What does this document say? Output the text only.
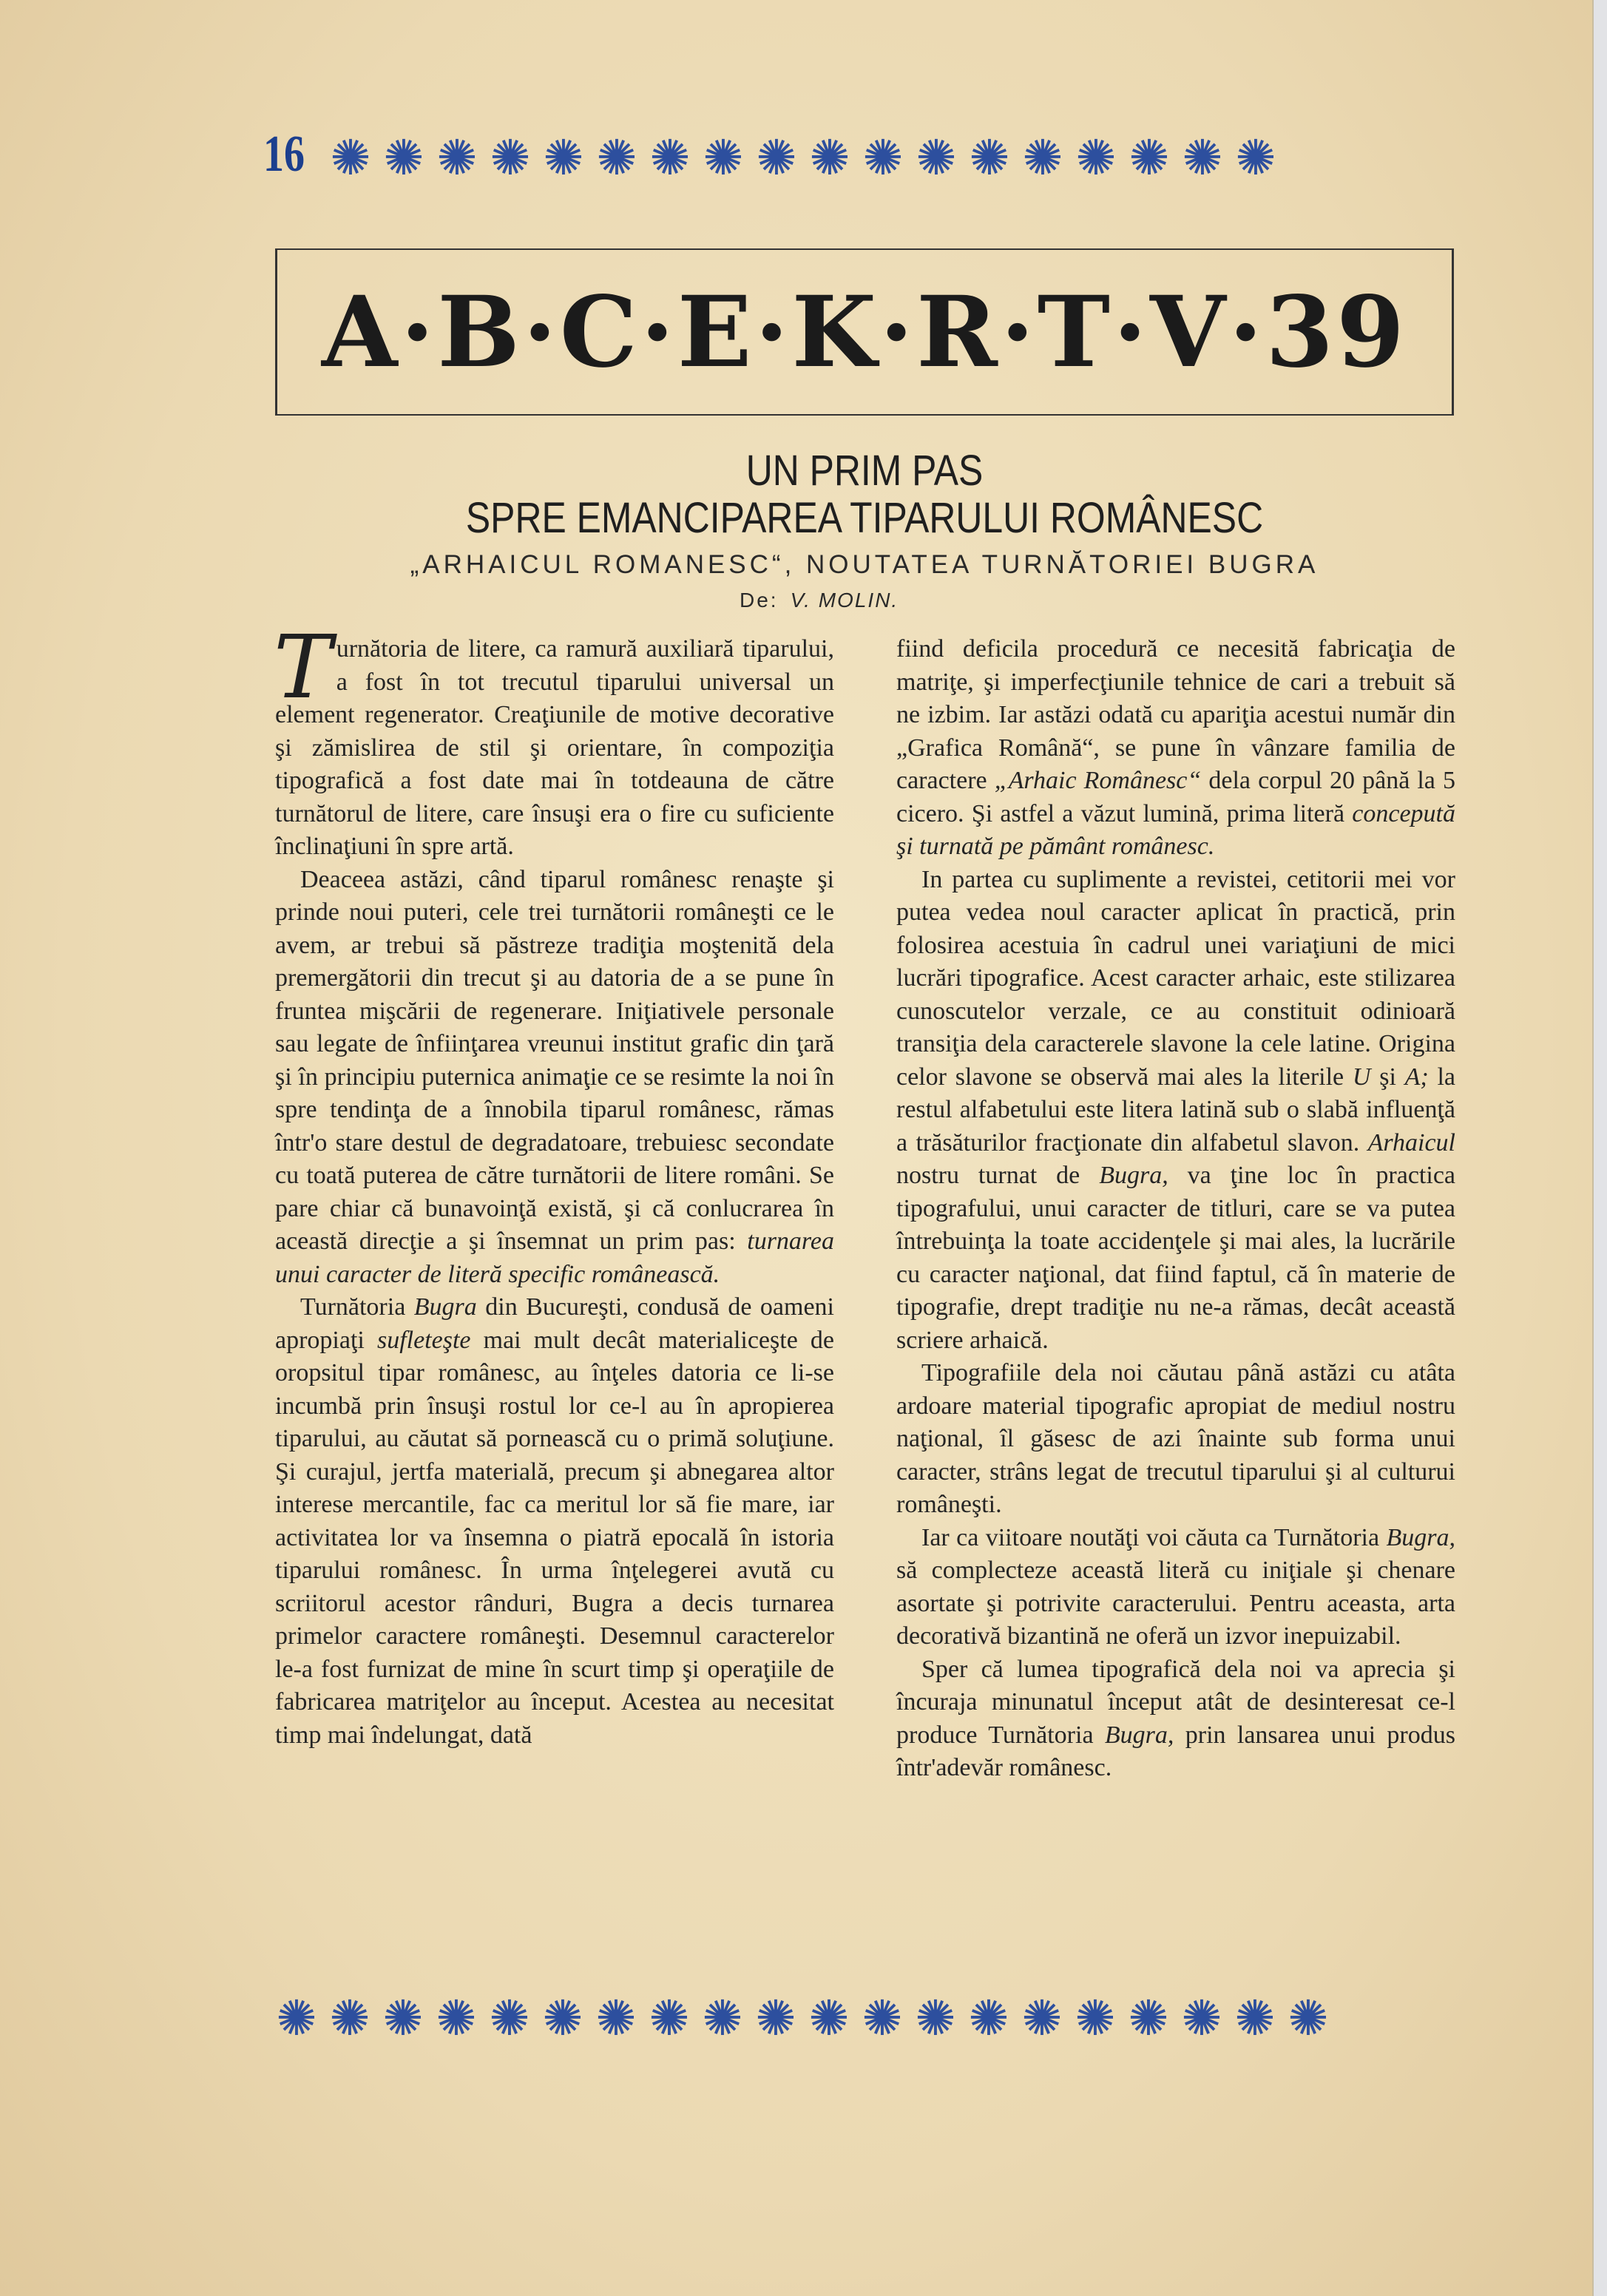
16 ✺ ✺ ✺ ✺ ✺ ✺ ✺ ✺ ✺ ✺ ✺ ✺ ✺ ✺ ✺ ✺ ✺ ✺
A·B·C·E·K·R·T·V·39
UN PRIM PAS
SPRE EMANCIPAREA TIPARULUI ROMÂNESC
„ARHAICUL ROMANESC“, NOUTATEA TURNĂTORIEI BUGRA
De: V. MOLIN.

Turnătoria de litere, ca ramură auxiliară tiparului, a fost în tot trecutul tiparului universal un element regenerator. Creaţiunile de motive decorative şi zămislirea de stil şi orientare, în compoziţia tipografică a fost date mai în totdeauna de către turnătorul de litere, care însuşi era o fire cu suficiente înclinaţiuni în spre artă.

Deaceea astăzi, când tiparul românesc renaşte şi prinde noui puteri, cele trei turnătorii româneşti ce le avem, ar trebui să păstreze tradiţia moştenită dela premergătorii din trecut şi au datoria de a se pune în fruntea mişcării de regenerare. Iniţiativele personale sau legate de înfiinţarea vreunui institut grafic din ţară şi în principiu puternica animaţie ce se resimte la noi în spre tendinţa de a înnobila tiparul românesc, rămas într'o stare destul de degradatoare, trebuiesc secondate cu toată puterea de către turnătorii de litere români. Se pare chiar că bunavoinţă există, şi că conlucrarea în această direcţie a şi însemnat un prim pas: turnarea unui caracter de literă specific românească.

Turnătoria Bugra din Bucureşti, condusă de oameni apropiaţi sufleteşte mai mult decât materialiceşte de oropsitul tipar românesc, au înţeles datoria ce li-se incumbă prin însuşi rostul lor ce-l au în apropierea tiparului, au căutat să pornească cu o primă soluţiune. Şi curajul, jertfa materială, precum şi abnegarea altor interese mercantile, fac ca meritul lor să fie mare, iar activitatea lor va însemna o piatră epocală în istoria tiparului românesc. În urma înţelegerei avută cu scriitorul acestor rânduri, Bugra a decis turnarea primelor caractere româneşti. Desemnul caracterelor le-a fost furnizat de mine în scurt timp şi operaţiile de fabricarea matriţelor au început. Acestea au necesitat timp mai îndelungat, dată

fiind deficila procedură ce necesită fabricaţia de matriţe, şi imperfecţiunile tehnice de cari a trebuit să ne izbim. Iar astăzi odată cu apariţia acestui număr din „Grafica Română“, se pune în vânzare familia de caractere „Arhaic Românesc“ dela corpul 20 până la 5 cicero. Şi astfel a văzut lumină, prima literă concepută şi turnată pe pământ românesc.

In partea cu suplimente a revistei, cetitorii mei vor putea vedea noul caracter aplicat în practică, prin folosirea acestuia în cadrul unei variaţiuni de mici lucrări tipografice. Acest caracter arhaic, este stilizarea cunoscutelor verzale, ce au constituit odinioară transiţia dela caracterele slavone la cele latine. Origina celor slavone se observă mai ales la literile U şi A; la restul alfabetului este litera latină sub o slabă influenţă a trăsăturilor fracţionate din alfabetul slavon. Arhaicul nostru turnat de Bugra, va ţine loc în practica tipografului, unui caracter de titluri, care se va putea întrebuinţa la toate accidenţele şi mai ales, la lucrările cu caracter naţional, dat fiind faptul, că în materie de tipografie, drept tradiţie nu ne-a rămas, decât această scriere arhaică.

Tipografiile dela noi căutau până astăzi cu atâta ardoare material tipografic apropiat de mediul nostru naţional, îl găsesc de azi înainte sub forma unui caracter, strâns legat de trecutul tiparului şi al culturui româneşti.

Iar ca viitoare noutăţi voi căuta ca Turnătoria Bugra, să complecteze această literă cu iniţiale şi chenare asortate şi potrivite caracterului. Pentru aceasta, arta decorativă bizantină ne oferă un izvor inepuizabil.

Sper că lumea tipografică dela noi va aprecia şi încuraja minunatul început atât de desinteresat ce-l produce Turnătoria Bugra, prin lansarea unui produs într'adevăr românesc.

✺ ✺ ✺ ✺ ✺ ✺ ✺ ✺ ✺ ✺ ✺ ✺ ✺ ✺ ✺ ✺ ✺ ✺ ✺ ✺
